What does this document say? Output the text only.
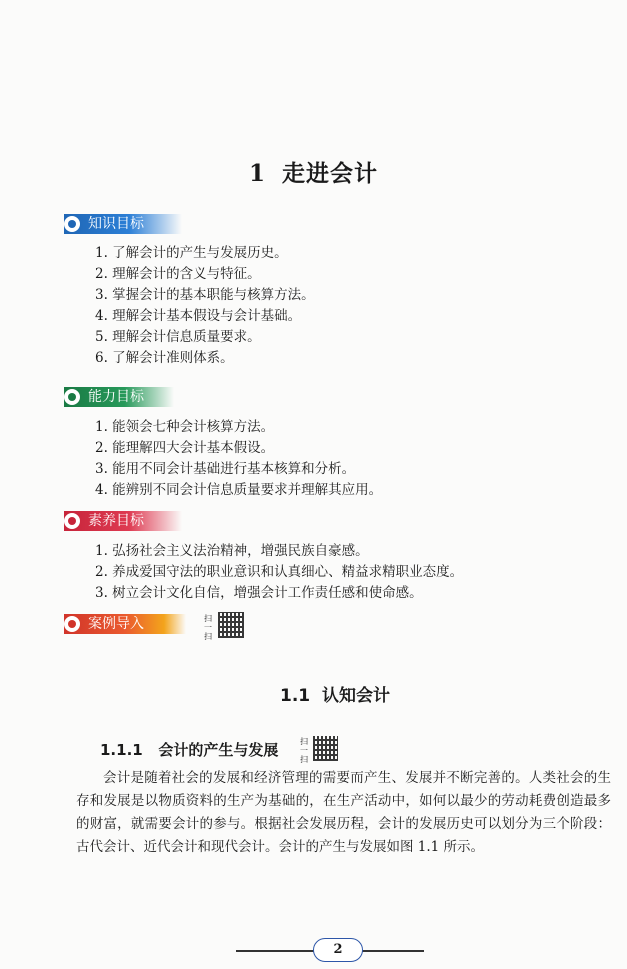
1 走进会计
知识目标
1. 了解会计的产生与发展历史。
2. 理解会计的含义与特征。
3. 掌握会计的基本职能与核算方法。
4. 理解会计基本假设与会计基础。
5. 理解会计信息质量要求。
6. 了解会计准则体系。
能力目标
1. 能领会七种会计核算方法。
2. 能理解四大会计基本假设。
3. 能用不同会计基础进行基本核算和分析。
4. 能辨别不同会计信息质量要求并理解其应用。
素养目标
1. 弘扬社会主义法治精神，增强民族自豪感。
2. 养成爱国守法的职业意识和认真细心、精益求精职业态度。
3. 树立会计文化自信，增强会计工作责任感和使命感。
案例导入	扫一扫
1.1 认知会计
1.1.1 会计的产生与发展	扫一扫

会计是随着社会的发展和经济管理的需要而产生、发展并不断完善的。人类社会的生存和发展是以物质资料的生产为基础的，在生产活动中，如何以最少的劳动耗费创造最多的财富，就需要会计的参与。根据社会发展历程，会计的发展历史可以划分为三个阶段：古代会计、近代会计和现代会计。会计的产生与发展如图 1.1 所示。

2
